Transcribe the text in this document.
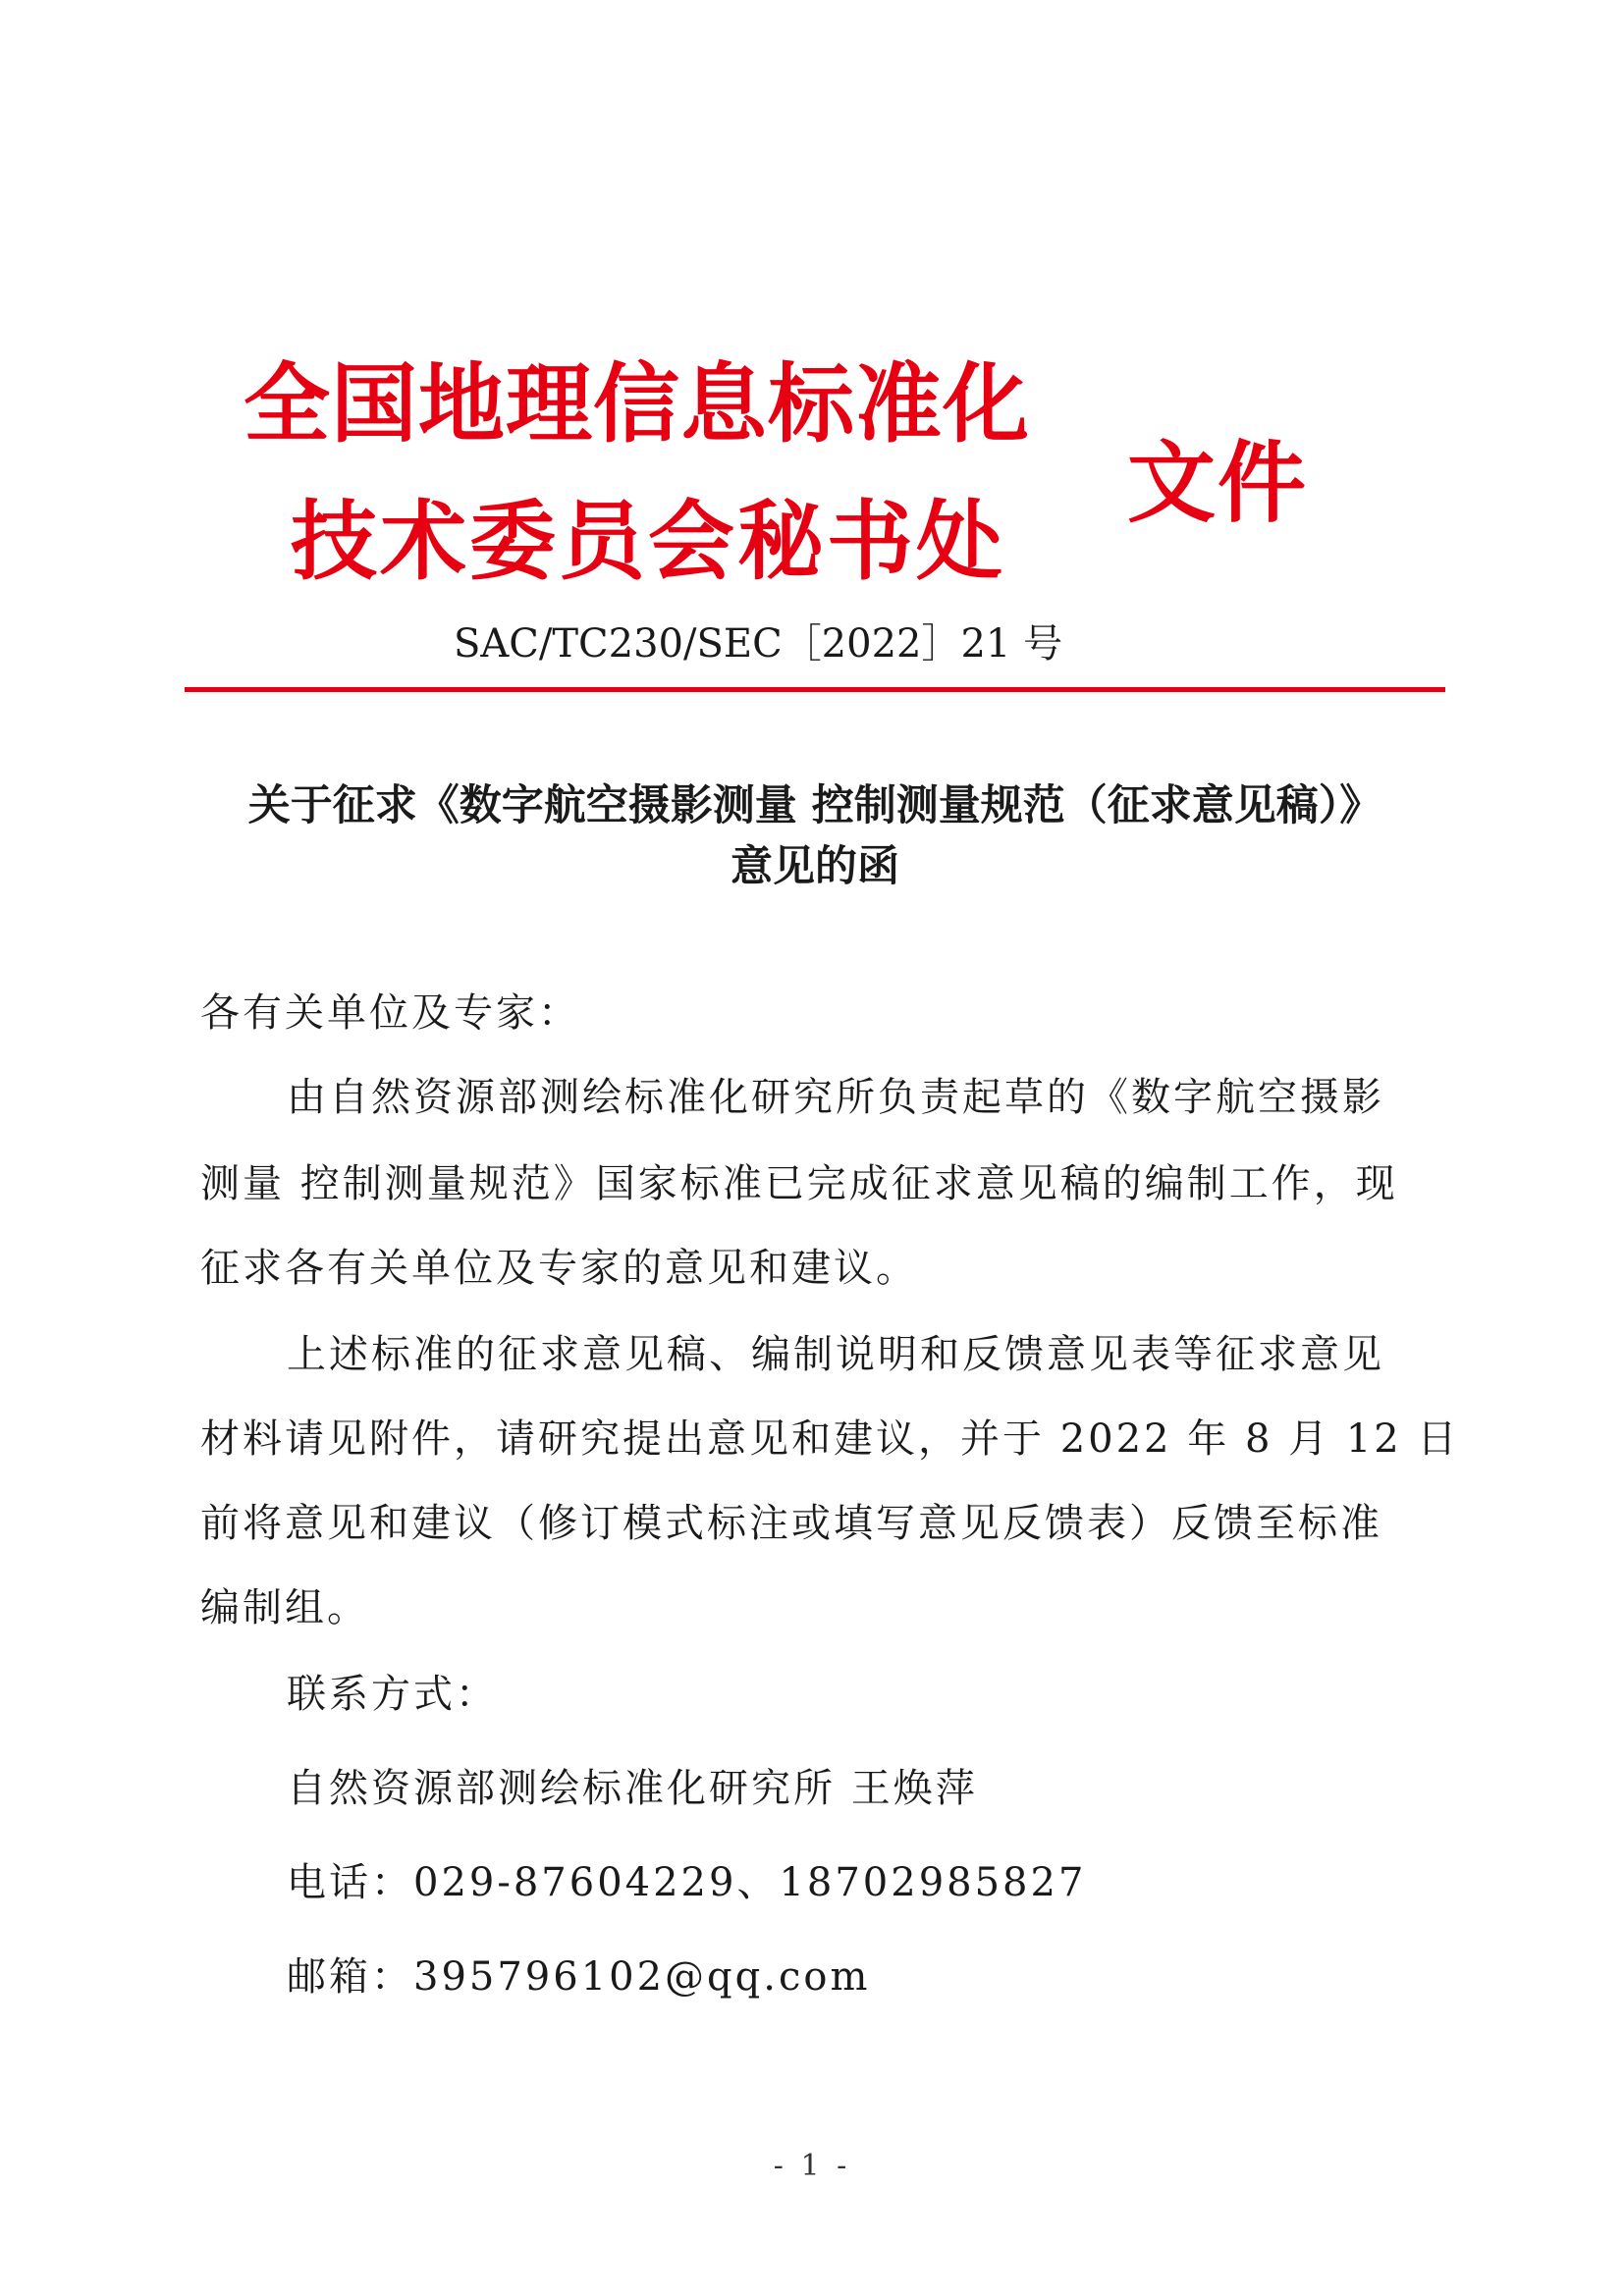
全国地理信息标准化
技术委员会秘书处
文件
SAC/TC230/SEC［2022］21 号
关于征求《数字航空摄影测量 控制测量规范（征求意见稿）》
意见的函
各有关单位及专家：
由自然资源部测绘标准化研究所负责起草的《数字航空摄影
测量 控制测量规范》国家标准已完成征求意见稿的编制工作，现
征求各有关单位及专家的意见和建议。
上述标准的征求意见稿、编制说明和反馈意见表等征求意见
材料请见附件，请研究提出意见和建议，并于 2022 年 8 月 12 日
前将意见和建议（修订模式标注或填写意见反馈表）反馈至标准
编制组。
联系方式：
自然资源部测绘标准化研究所 王焕萍
电话：029-87604229、18702985827
邮箱：395796102@qq.com
- 1 -
